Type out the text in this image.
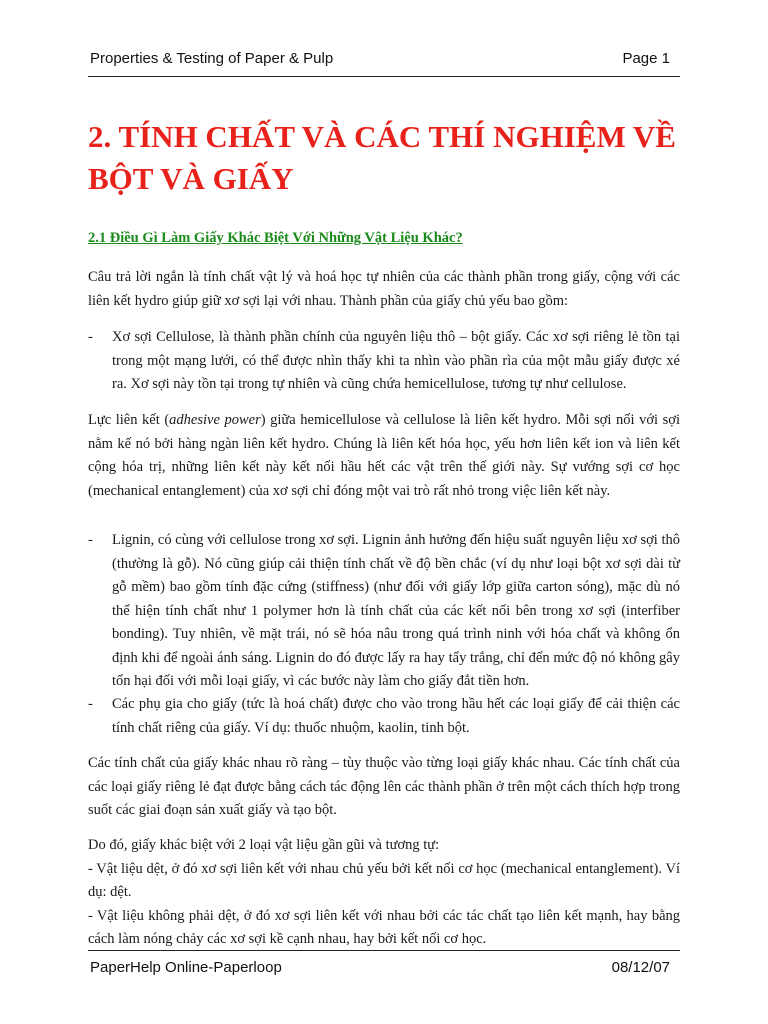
Properties & Testing of Paper & Pulp	Page 1
2. TÍNH CHẤT VÀ CÁC THÍ NGHIỆM VỀ BỘT VÀ GIẤY
2.1 Điều Gì Làm Giấy Khác Biệt Với Những Vật Liệu Khác?

Câu trả lời ngắn là tính chất vật lý và hoá học tự nhiên của các thành phần trong giấy, cộng với các liên kết hydro giúp giữ xơ sợi lại với nhau. Thành phần của giấy chủ yếu bao gồm:

- Xơ sợi Cellulose, là thành phần chính của nguyên liệu thô – bột giấy. Các xơ sợi riêng lẻ tồn tại trong một mạng lưới, có thể được nhìn thấy khi ta nhìn vào phần rìa của một mẫu giấy được xé ra. Xơ sợi này tồn tại trong tự nhiên và cũng chứa hemicellulose, tương tự như cellulose.

Lực liên kết (adhesive power) giữa hemicellulose và cellulose là liên kết hydro. Mỗi sợi nối với sợi nằm kế nó bởi hàng ngàn liên kết hydro. Chúng là liên kết hóa học, yếu hơn liên kết ion và liên kết cộng hóa trị, những liên kết này kết nối hầu hết các vật trên thế giới này. Sự vướng sợi cơ học (mechanical entanglement) của xơ sợi chỉ đóng một vai trò rất nhỏ trong việc liên kết này.

- Lignin, có cùng với cellulose trong xơ sợi. Lignin ảnh hưởng đến hiệu suất nguyên liệu xơ sợi thô (thường là gỗ). Nó cũng giúp cải thiện tính chất về độ bền chắc (ví dụ như loại bột xơ sợi dài từ gỗ mềm) bao gồm tính đặc cứng (stiffness) (như đối với giấy lớp giữa carton sóng), mặc dù nó thể hiện tính chất như 1 polymer hơn là tính chất của các kết nối bên trong xơ sợi (interfiber bonding). Tuy nhiên, về mặt trái, nó sẽ hóa nâu trong quá trình ninh với hóa chất và không ổn định khi để ngoài ánh sáng. Lignin do đó được lấy ra hay tẩy trắng, chỉ đến mức độ nó không gây tổn hại đối với mỗi loại giấy, vì các bước này làm cho giấy đắt tiền hơn.
- Các phụ gia cho giấy (tức là hoá chất) được cho vào trong hầu hết các loại giấy để cải thiện các tính chất riêng của giấy. Ví dụ: thuốc nhuộm, kaolin, tinh bột.

Các tính chất của giấy khác nhau rõ ràng – tùy thuộc vào từng loại giấy khác nhau. Các tính chất của các loại giấy riêng lẻ đạt được bằng cách tác động lên các thành phần ở trên một cách thích hợp trong suốt các giai đoạn sản xuất giấy và tạo bột.

Do đó, giấy khác biệt với 2 loại vật liệu gần gũi và tương tự:
- Vật liệu dệt, ở đó xơ sợi liên kết với nhau chủ yếu bởi kết nối cơ học (mechanical entanglement). Ví dụ: dệt.
- Vật liệu không phải dệt, ở đó xơ sợi liên kết với nhau bởi các tác chất tạo liên kết mạnh, hay bằng cách làm nóng chảy các xơ sợi kề cạnh nhau, hay bởi kết nối cơ học.
PaperHelp Online-Paperloop	08/12/07
